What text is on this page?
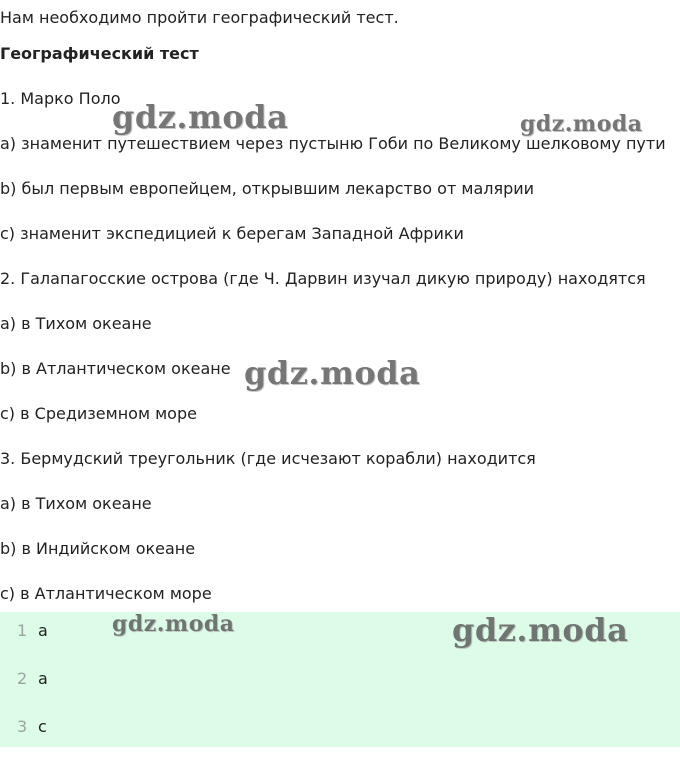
Нам необходимо пройти географический тест.
Географический тест
1. Марко Поло
a) знаменит путешествием через пустыню Гоби по Великому шелковому пути
b) был первым европейцем, открывшим лекарство от малярии
c) знаменит экспедицией к берегам Западной Африки
2. Галапагосские острова (где Ч. Дарвин изучал дикую природу) находятся
a) в Тихом океане
b) в Атлантическом океане
c) в Средиземном море
3. Бермудский треугольник (где исчезают корабли) находится
a) в Тихом океане
b) в Индийском океане
c) в Атлантическом море
1 a
2 a
3 c
gdz.moda	gdz.moda
gdz.moda
gdz.moda	gdz.moda
